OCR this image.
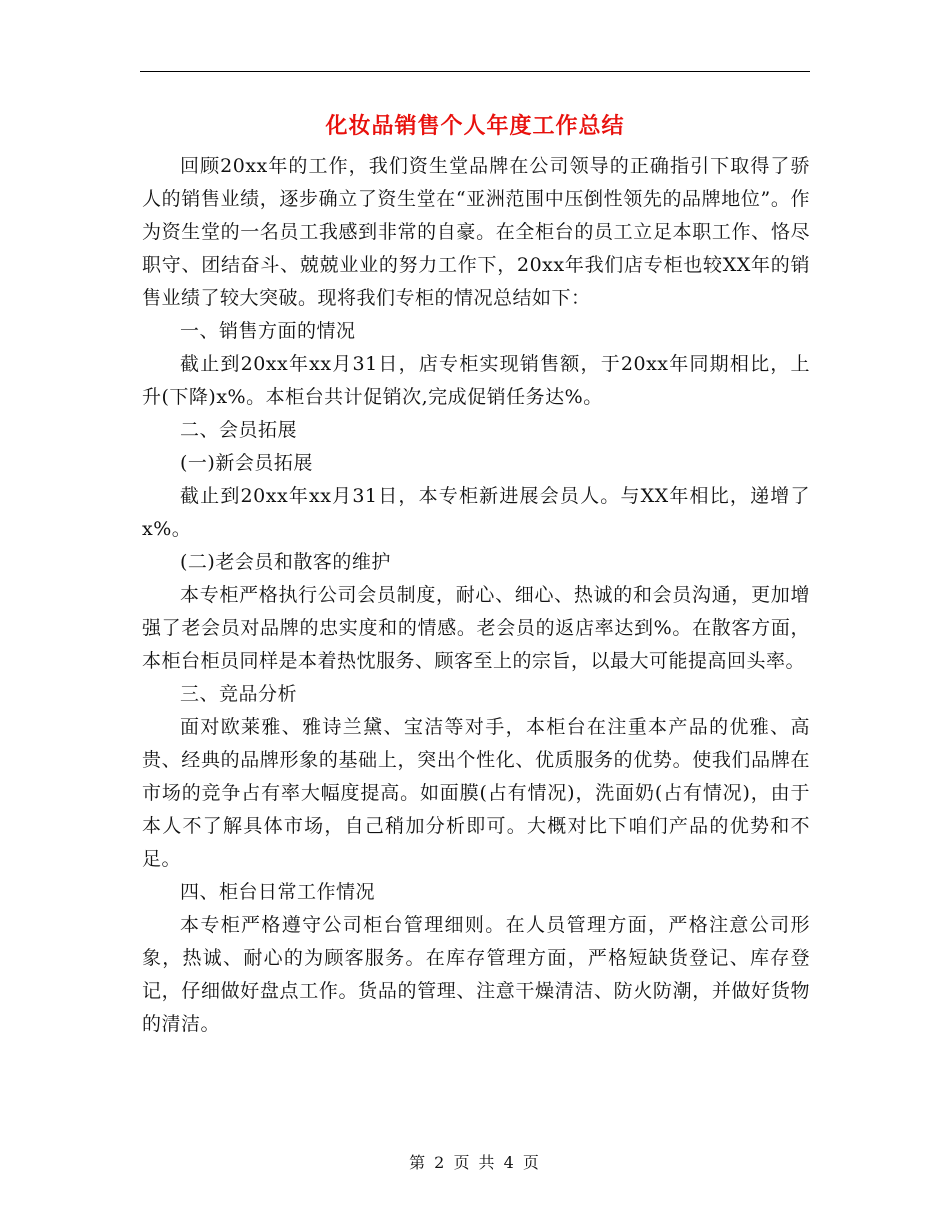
化妆品销售个人年度工作总结

回顾20xx年的工作，我们资生堂品牌在公司领导的正确指引下取得了骄人的销售业绩，逐步确立了资生堂在“亚洲范围中压倒性领先的品牌地位”。作为资生堂的一名员工我感到非常的自豪。在全柜台的员工立足本职工作、恪尽职守、团结奋斗、兢兢业业的努力工作下，20xx年我们店专柜也较XX年的销售业绩了较大突破。现将我们专柜的情况总结如下：

一、销售方面的情况

截止到20xx年xx月31日，店专柜实现销售额，于20xx年同期相比，上升(下降)x%。本柜台共计促销次,完成促销任务达%。

二、会员拓展

(一)新会员拓展

截止到20xx年xx月31日，本专柜新进展会员人。与XX年相比，递增了x%。

(二)老会员和散客的维护

本专柜严格执行公司会员制度，耐心、细心、热诚的和会员沟通，更加增强了老会员对品牌的忠实度和的情感。老会员的返店率达到%。在散客方面，本柜台柜员同样是本着热忱服务、顾客至上的宗旨，以最大可能提高回头率。

三、竞品分析

面对欧莱雅、雅诗兰黛、宝洁等对手，本柜台在注重本产品的优雅、高贵、经典的品牌形象的基础上，突出个性化、优质服务的优势。使我们品牌在市场的竞争占有率大幅度提高。如面膜(占有情况)，洗面奶(占有情况)，由于本人不了解具体市场，自己稍加分析即可。大概对比下咱们产品的优势和不足。

四、柜台日常工作情况

本专柜严格遵守公司柜台管理细则。在人员管理方面，严格注意公司形象，热诚、耐心的为顾客服务。在库存管理方面，严格短缺货登记、库存登记，仔细做好盘点工作。货品的管理、注意干燥清洁、防火防潮，并做好货物的清洁。

第 2 页 共 4 页
